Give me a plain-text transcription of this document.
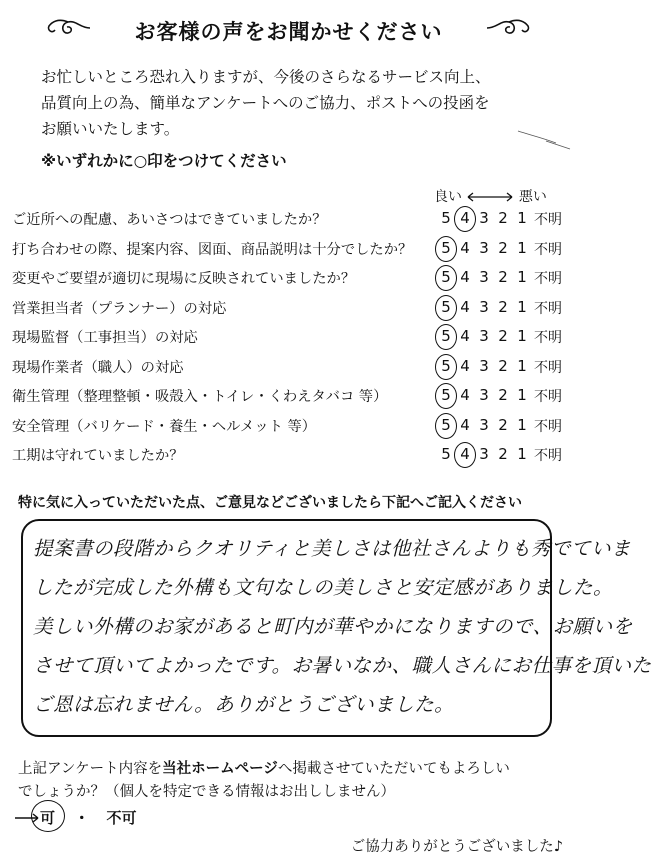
お客様の声をお聞かせください
お忙しいところ恐れ入りますが、今後のさらなるサービス向上、
品質向上の為、簡単なアンケートへのご協力、ポストへの投函を
お願いいたします。
※いずれかに○印をつけてください
良い	悪い
ご近所への配慮、あいさつはできていましたか？	5 4 3 2 1 不明
打ち合わせの際、提案内容、図面、商品説明は十分でしたか？ 5 4 3 2 1 不明
変更やご要望が適切に現場に反映されていましたか？	5 4 3 2 1 不明
営業担当者（プランナー）の対応	5 4 3 2 1 不明
現場監督（工事担当）の対応	5 4 3 2 1 不明
現場作業者（職人）の対応	5 4 3 2 1 不明
衛生管理（整理整頓・吸殻入・トイレ・くわえタバコ 等）	5 4 3 2 1 不明
安全管理（バリケード・養生・ヘルメット 等）	5 4 3 2 1 不明
工期は守れていましたか？	5 4 3 2 1 不明
特に気に入っていただいた点、ご意見などございましたら下記へご記入ください
提案書の段階からクオリティと美しさは他社さんよりも秀でていま
したが完成した外構も文句なしの美しさと安定感がありました。
美しい外構のお家があると町内が華やかになりますので、お願いを
させて頂いてよかったです。お暑いなか、職人さんにお仕事を頂いた
ご恩は忘れません。ありがとうございました。
上記アンケート内容を当社ホームページへ掲載させていただいてもよろしい
でしょうか？（個人を特定できる情報はお出ししません）
可 ・ 不可
ご協力ありがとうございました♪
